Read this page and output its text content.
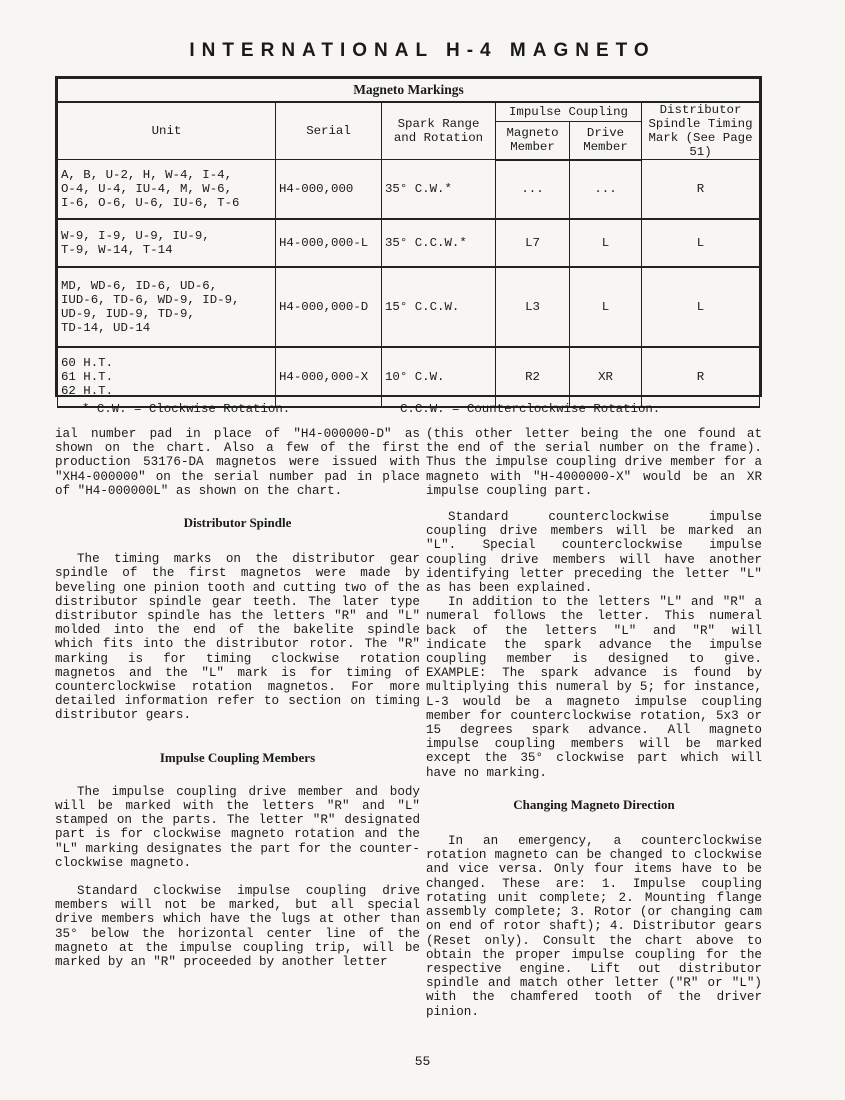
INTERNATIONAL H-4 MAGNETO
Magneto Markings					
Unit	Serial	Spark Range and Rotation	Impulse Coupling		Distributor Spindle Timing Mark (See Page 51)
			Magneto Member	Drive Member	

A, B, U-2, H, W-4, I-4,
O-4, U-4, IU-4, M, W-6,
I-6, O-6, U-6, IU-6, T-6	H4-000,000	35° C.W.*	...	...	R

W-9, I-9, U-9, IU-9,
T-9, W-14, T-14	H4-000,000-L	35° C.C.W.*	L7	L	L

MD, WD-6, ID-6, UD-6,
IUD-6, TD-6, WD-9, ID-9,
UD-9, IUD-9, TD-9,
TD-14, UD-14	H4-000,000-D	15° C.C.W.	L3	L	L

60 H.T.
61 H.T.
62 H.T.	H4-000,000-X	10° C.W.	R2	XR	R
* C.W. = Clockwise Rotation.	C.C.W. = Counterclockwise Rotation.

ial number pad in place of "H4-000000-D" as shown on the chart. Also a few of the first production 53176-DA magnetos were issued with "XH4-000000" on the serial number pad in place of "H4-000000L" as shown on the chart.

Distributor Spindle

The timing marks on the distributor gear spindle of the first magnetos were made by beveling one pinion tooth and cutting two of the distributor spindle gear teeth. The later type distributor spindle has the letters "R" and "L" molded into the end of the bakelite spindle which fits into the distributor rotor. The "R" marking is for timing clockwise rotation magnetos and the "L" mark is for timing of counterclockwise rotation magnetos. For more detailed information refer to section on timing distributor gears.

Impulse Coupling Members

The impulse coupling drive member and body will be marked with the letters "R" and "L" stamped on the parts. The letter "R" designated part is for clockwise magneto rotation and the "L" marking designates the part for the counter-clockwise magneto.

Standard clockwise impulse coupling drive members will not be marked, but all special drive members which have the lugs at other than 35° below the horizontal center line of the magneto at the impulse coupling trip, will be marked by an "R" proceeded by another letter

(this other letter being the one found at the end of the serial number on the frame). Thus the impulse coupling drive member for a magneto with "H-4000000-X" would be an XR impulse coupling part.

Standard counterclockwise impulse coupling drive members will be marked an "L". Special counterclockwise impulse coupling drive members will have another identifying letter preceding the letter "L" as has been explained.

In addition to the letters "L" and "R" a numeral follows the letter. This numeral back of the letters "L" and "R" will indicate the spark advance the impulse coupling member is designed to give. EXAMPLE: The spark advance is found by multiplying this numeral by 5; for instance, L-3 would be a magneto impulse coupling member for counterclockwise rotation, 5x3 or 15 degrees spark advance. All magneto impulse coupling members will be marked except the 35° clockwise part which will have no marking.

Changing Magneto Direction

In an emergency, a counterclockwise rotation magneto can be changed to clockwise and vice versa. Only four items have to be changed. These are: 1. Impulse coupling rotating unit complete; 2. Mounting flange assembly complete; 3. Rotor (or changing cam on end of rotor shaft); 4. Distributor gears (Reset only). Consult the chart above to obtain the proper impulse coupling for the respective engine. Lift out distributor spindle and match other letter ("R" or "L") with the chamfered tooth of the driver pinion.

55
